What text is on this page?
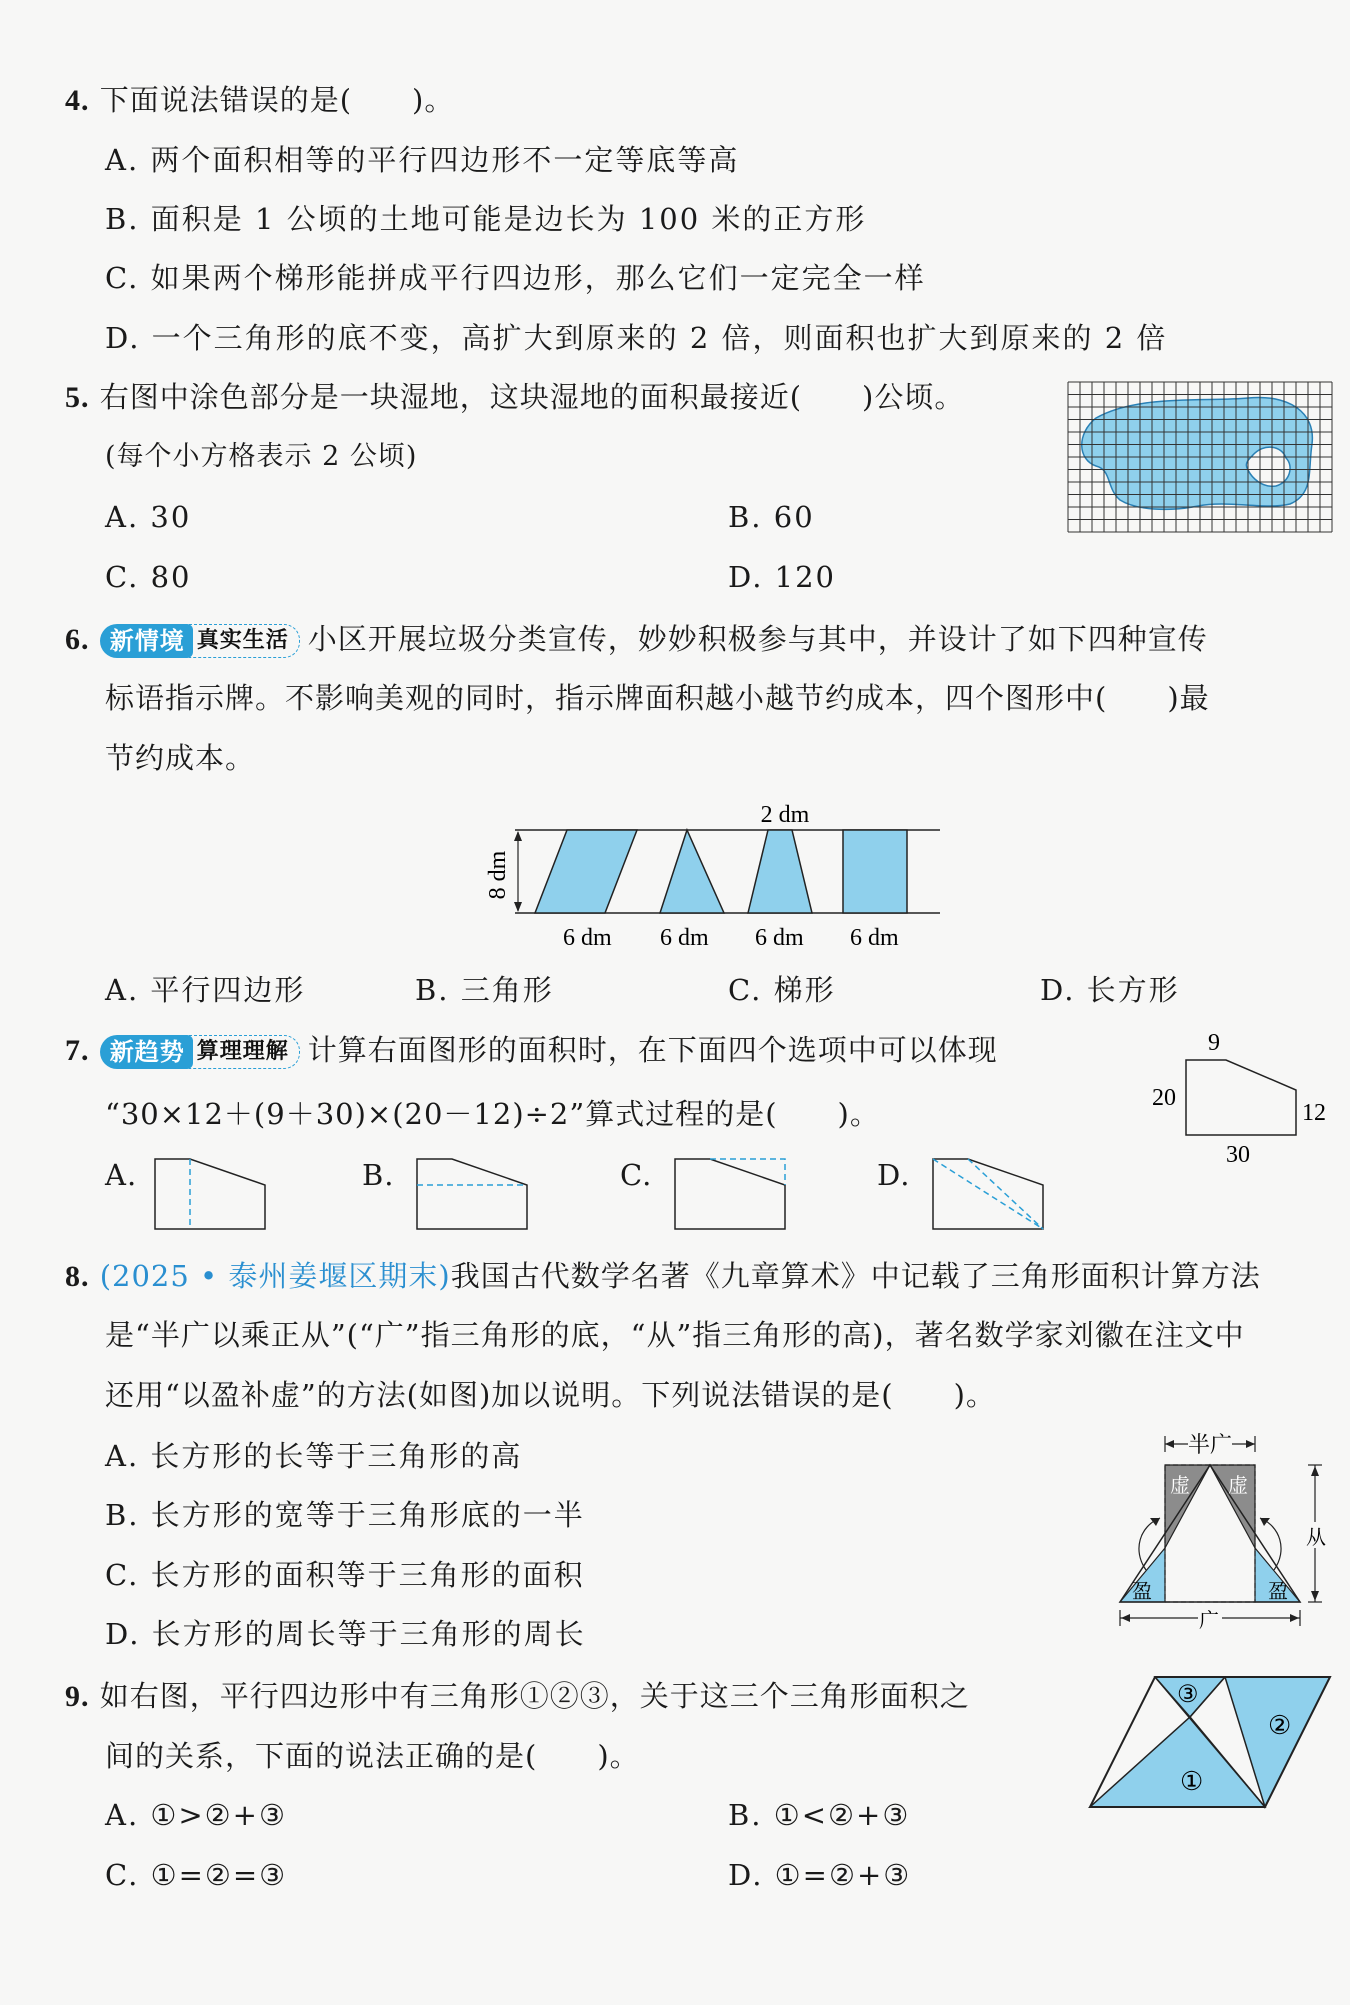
4. 下面说法错误的是(　　)。
A. 两个面积相等的平行四边形不一定等底等高
B. 面积是 1 公顷的土地可能是边长为 100 米的正方形
C. 如果两个梯形能拼成平行四边形，那么它们一定完全一样
D. 一个三角形的底不变，高扩大到原来的 2 倍，则面积也扩大到原来的 2 倍
5. 右图中涂色部分是一块湿地，这块湿地的面积最接近(　　)公顷。
(每个小方格表示 2 公顷)
A. 30	B. 60
C. 80	D. 120
6. 新情境 真实生活 小区开展垃圾分类宣传，妙妙积极参与其中，并设计了如下四种宣传
标语指示牌。不影响美观的同时，指示牌面积越小越节约成本，四个图形中(　　)最
节约成本。
8 dm
2 dm
6 dm 6 dm 6 dm 6 dm
A. 平行四边形	B. 三角形	C. 梯形	D. 长方形
7. 新趋势 算理理解 计算右面图形的面积时，在下面四个选项中可以体现
“30×12＋(9＋30)×(20－12)÷2”算式过程的是(　　)。
9
20
12
30
A.	B.	C.	D.
8. (2025 • 泰州姜堰区期末)我国古代数学名著《九章算术》中记载了三角形面积计算方法
是“半广以乘正从”(“广”指三角形的底，“从”指三角形的高)，著名数学家刘徽在注文中
还用“以盈补虚”的方法(如图)加以说明。下列说法错误的是(　　)。
A. 长方形的长等于三角形的高
B. 长方形的宽等于三角形底的一半
C. 长方形的面积等于三角形的面积
D. 长方形的周长等于三角形的周长
半广
虚 虚
盈	盈
从
广
9. 如右图，平行四边形中有三角形①②③，关于这三个三角形面积之
间的关系，下面的说法正确的是(　　)。
A. ①>②+③	B. ①<②+③
C. ①=②=③	D. ①=②+③
①
②
③
